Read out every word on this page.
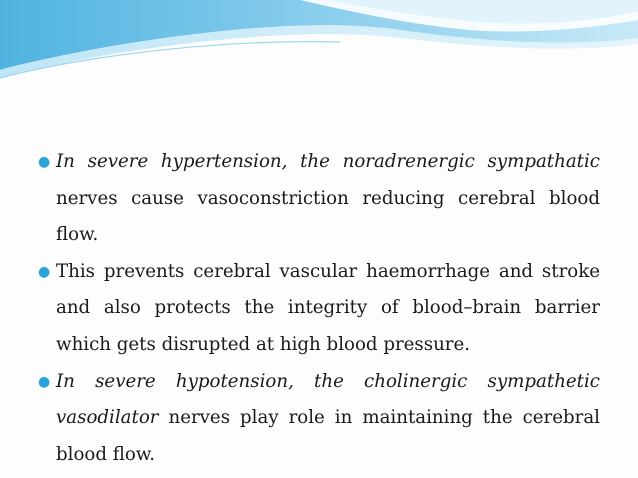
● In severe hypertension, the noradrenergic sympathatic nerves cause vasoconstriction reducing cerebral blood flow.
● This prevents cerebral vascular haemorrhage and stroke and also protects the integrity of blood–brain barrier which gets disrupted at high blood pressure.
● In severe hypotension, the cholinergic sympathetic vasodilator nerves play role in maintaining the cerebral blood flow.
